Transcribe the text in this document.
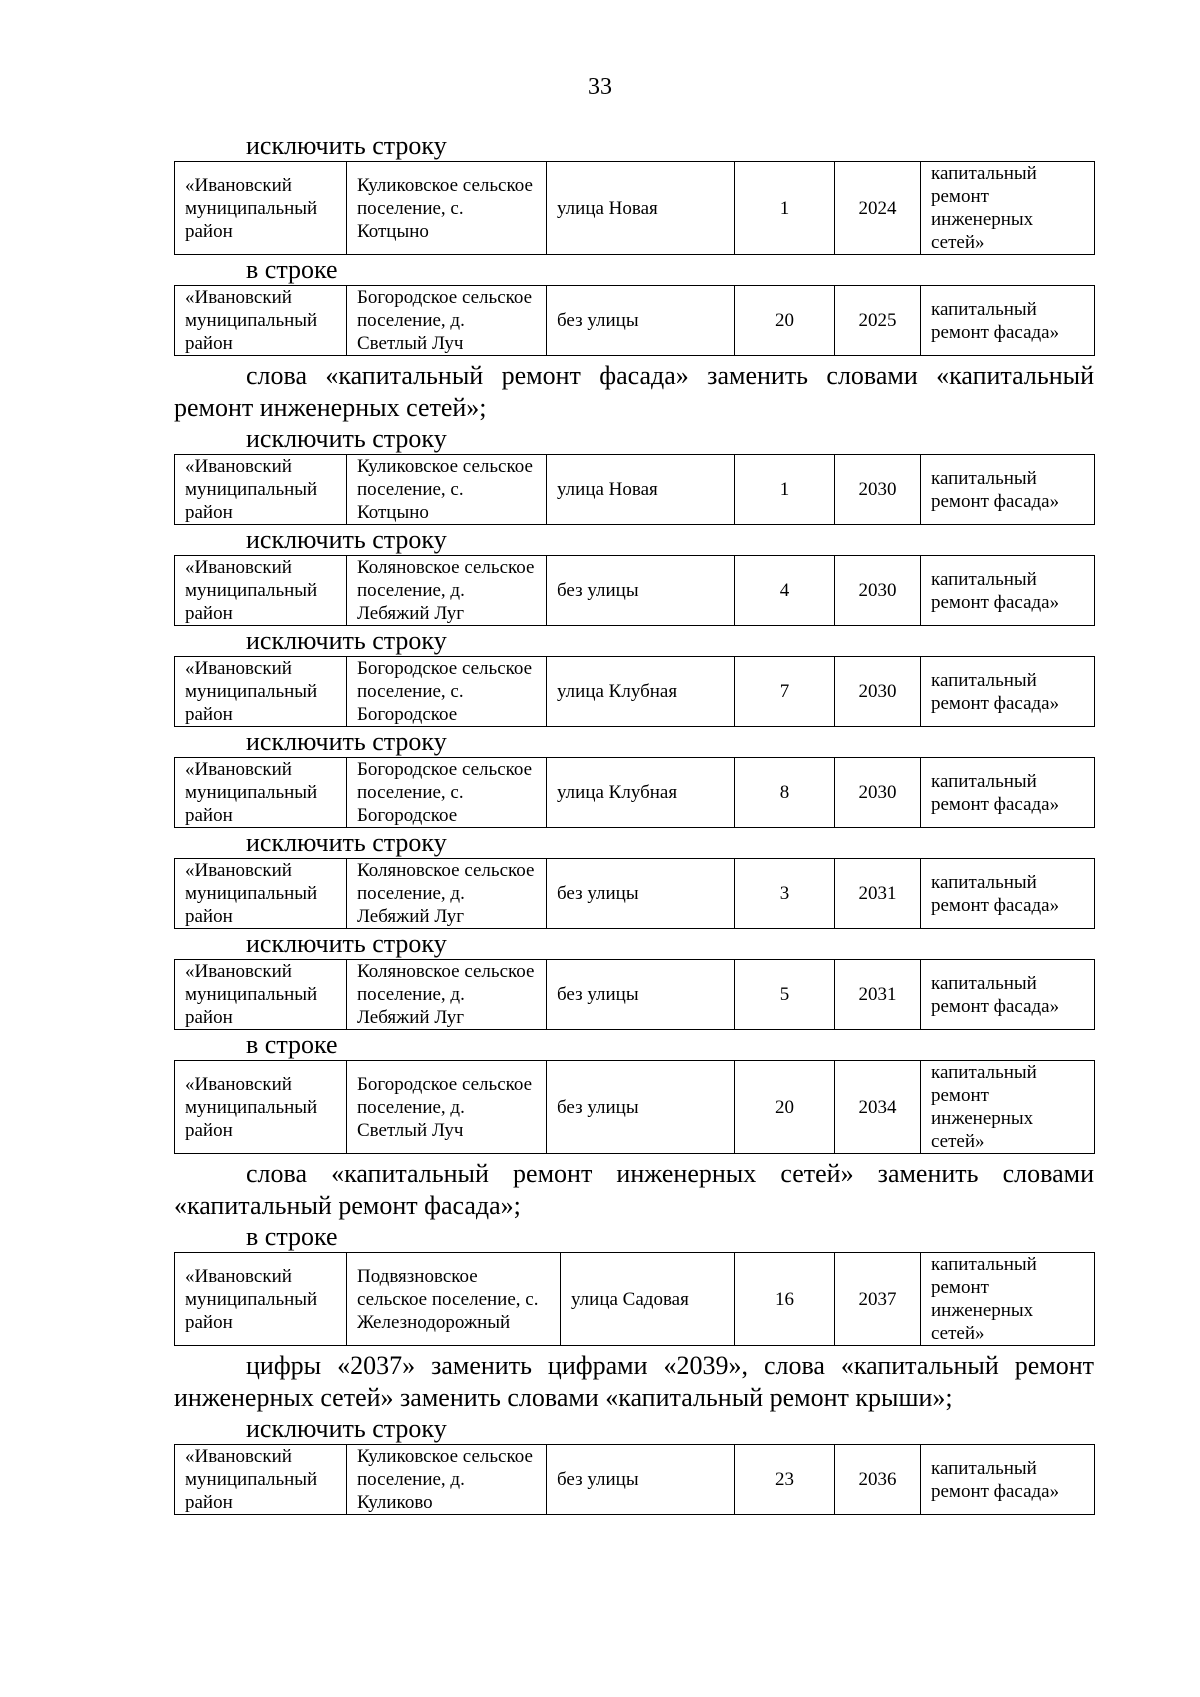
33
исключить строку
«Ивановский муниципальный район	Куликовское сельское поселение, с. Котцыно	улица Новая	1	2024	капитальный ремонт инженерных сетей»
в строке
«Ивановский муниципальный район	Богородское сельское поселение, д. Светлый Луч	без улицы	20	2025	капитальный ремонт фасада»

слова «капитальный ремонт фасада» заменить словами «капитальный ремонт инженерных сетей»;

исключить строку
«Ивановский муниципальный район	Куликовское сельское поселение, с. Котцыно	улица Новая	1	2030	капитальный ремонт фасада»
исключить строку
«Ивановский муниципальный район	Коляновское сельское поселение, д. Лебяжий Луг	без улицы	4	2030	капитальный ремонт фасада»
исключить строку
«Ивановский муниципальный район	Богородское сельское поселение, с. Богородское	улица Клубная	7	2030	капитальный ремонт фасада»
исключить строку
«Ивановский муниципальный район	Богородское сельское поселение, с. Богородское	улица Клубная	8	2030	капитальный ремонт фасада»
исключить строку
«Ивановский муниципальный район	Коляновское сельское поселение, д. Лебяжий Луг	без улицы	3	2031	капитальный ремонт фасада»
исключить строку
«Ивановский муниципальный район	Коляновское сельское поселение, д. Лебяжий Луг	без улицы	5	2031	капитальный ремонт фасада»
в строке
«Ивановский муниципальный район	Богородское сельское поселение, д. Светлый Луч	без улицы	20	2034	капитальный ремонт инженерных сетей»

слова «капитальный ремонт инженерных сетей» заменить словами «капитальный ремонт фасада»;

в строке
«Ивановский муниципальный район	Подвязновское сельское поселение, с. Железнодорожный	улица Садовая	16	2037	капитальный ремонт инженерных сетей»

цифры «2037» заменить цифрами «2039», слова «капитальный ремонт инженерных сетей» заменить словами «капитальный ремонт крыши»;

исключить строку
«Ивановский муниципальный район	Куликовское сельское поселение, д. Куликово	без улицы	23	2036	капитальный ремонт фасада»
